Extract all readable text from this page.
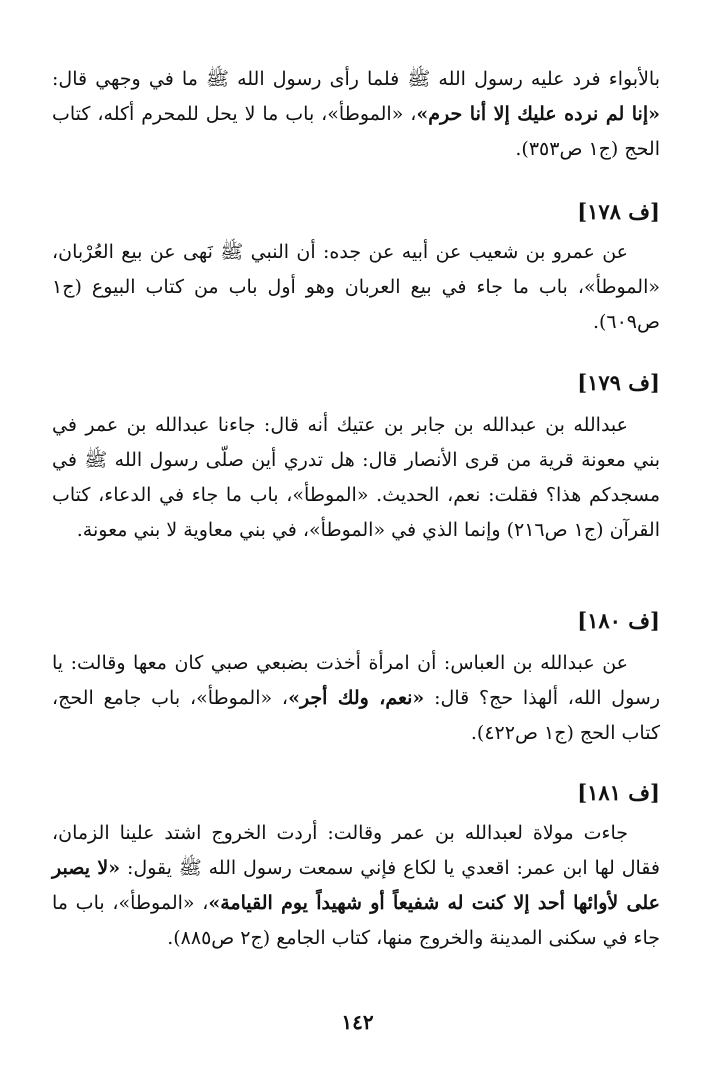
بالأبواء فرد عليه رسول الله ﷺ فلما رأى رسول الله ﷺ ما في وجهي قال: «إنا لم نرده عليك إلا أنا حرم»، «الموطأ»، باب ما لا يحل للمحرم أكله، كتاب الحج (ج١ ص٣٥٣).

[ف ١٧٨]

عن عمرو بن شعيب عن أبيه عن جده: أن النبي ﷺ نَهى عن بيع العُرْبان، «الموطأ»، باب ما جاء في بيع العربان وهو أول باب من كتاب البيوع (ج١ ص٦٠٩).

[ف ١٧٩]

عبدالله بن عبدالله بن جابر بن عتيك أنه قال: جاءنا عبدالله بن عمر في بني معونة قرية من قرى الأنصار قال: هل تدري أين صلّى رسول الله ﷺ في مسجدكم هذا؟ فقلت: نعم، الحديث. «الموطأ»، باب ما جاء في الدعاء، كتاب القرآن (ج١ ص٢١٦) وإنما الذي في «الموطأ»، في بني معاوية لا بني معونة.

[ف ١٨٠]

عن عبدالله بن العباس: أن امرأة أخذت بضبعي صبي كان معها وقالت: يا رسول الله، ألهذا حج؟ قال: «نعم، ولك أجر»، «الموطأ»، باب جامع الحج، كتاب الحج (ج١ ص٤٢٢).

[ف ١٨١]

جاءت مولاة لعبدالله بن عمر وقالت: أردت الخروج اشتد علينا الزمان، فقال لها ابن عمر: اقعدي يا لكاع فإني سمعت رسول الله ﷺ يقول: «لا يصبر على لأوائها أحد إلا كنت له شفيعاً أو شهيداً يوم القيامة»، «الموطأ»، باب ما جاء في سكنى المدينة والخروج منها، كتاب الجامع (ج٢ ص٨٨٥).

١٤٢
